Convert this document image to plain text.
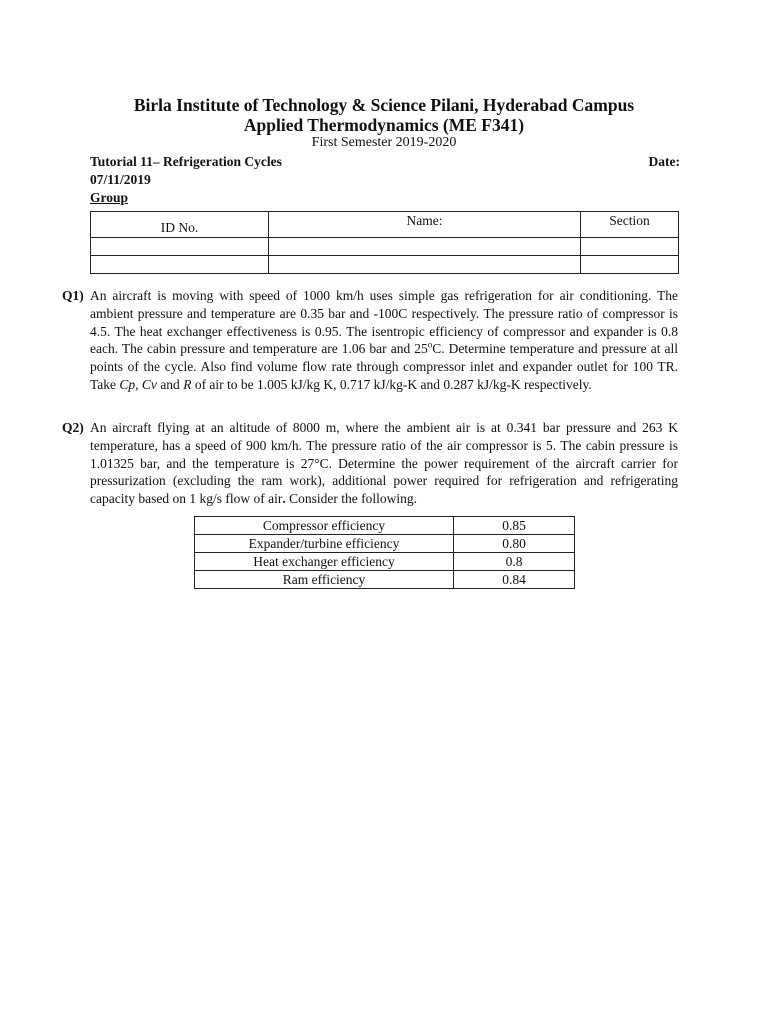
Birla Institute of Technology & Science Pilani, Hyderabad Campus
Applied Thermodynamics (ME F341)
First Semester 2019-2020
Tutorial 11– Refrigeration Cycles	Date:
07/11/2019
Group
ID No.	Name:	Section

Q1) An aircraft is moving with speed of 1000 km/h uses simple gas refrigeration for air conditioning. The ambient pressure and temperature are 0.35 bar and -100C respectively. The pressure ratio of compressor is 4.5. The heat exchanger effectiveness is 0.95. The isentropic efficiency of compressor and expander is 0.8 each. The cabin pressure and temperature are 1.06 bar and 25$^o$C. Determine temperature and pressure at all points of the cycle. Also find volume flow rate through compressor inlet and expander outlet for 100 TR. Take Cp, Cv and R of air to be 1.005 kJ/kg K, 0.717 kJ/kg-K and 0.287 kJ/kg-K respectively.
Q2) An aircraft flying at an altitude of 8000 m, where the ambient air is at 0.341 bar pressure and 263 K temperature, has a speed of 900 km/h. The pressure ratio of the air compressor is 5. The cabin pressure is 1.01325 bar, and the temperature is 27°C. Determine the power requirement of the aircraft carrier for pressurization (excluding the ram work), additional power required for refrigeration and refrigerating capacity based on 1 kg/s flow of air. Consider the following.
Compressor efficiency	0.85
Expander/turbine efficiency	0.80
Heat exchanger efficiency	0.8
Ram efficiency	0.84
